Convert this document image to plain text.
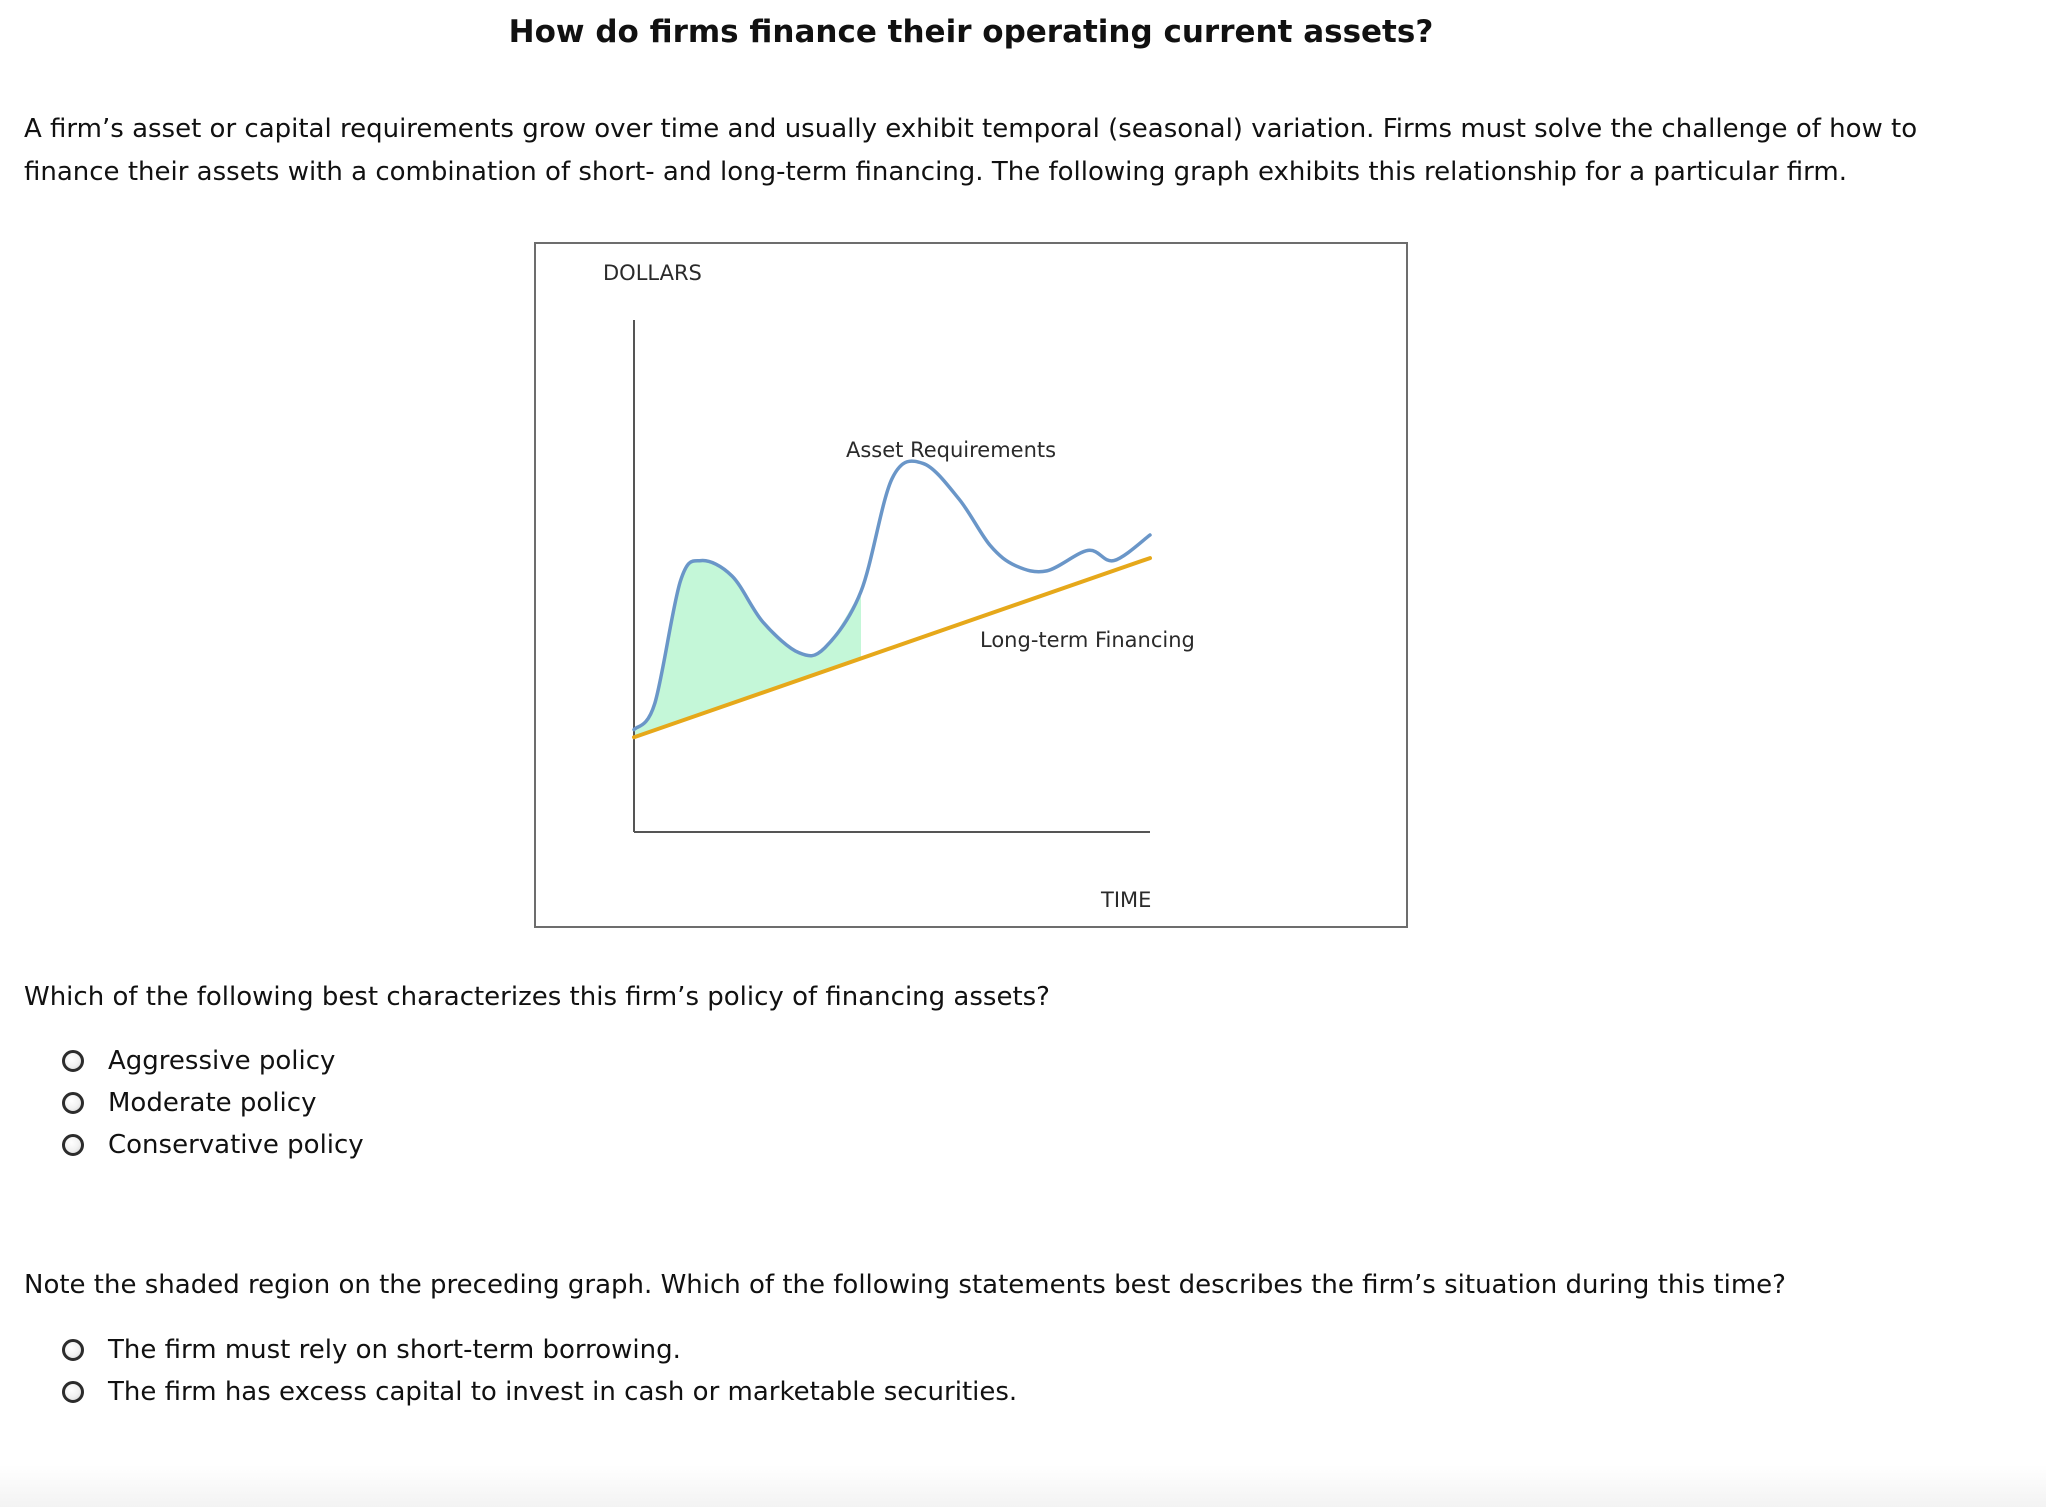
How do firms finance their operating current assets?

A firm’s asset or capital requirements grow over time and usually exhibit temporal (seasonal) variation. Firms must solve the challenge of how to finance their assets with a combination of short- and long-term financing. The following graph exhibits this relationship for a particular firm.

DOLLARS
TIME
Asset Requirements
Long-term Financing

Which of the following best characterizes this firm’s policy of financing assets?

Aggressive policy
Moderate policy
Conservative policy

Note the shaded region on the preceding graph. Which of the following statements best describes the firm’s situation during this time?

The firm must rely on short-term borrowing.
The firm has excess capital to invest in cash or marketable securities.
